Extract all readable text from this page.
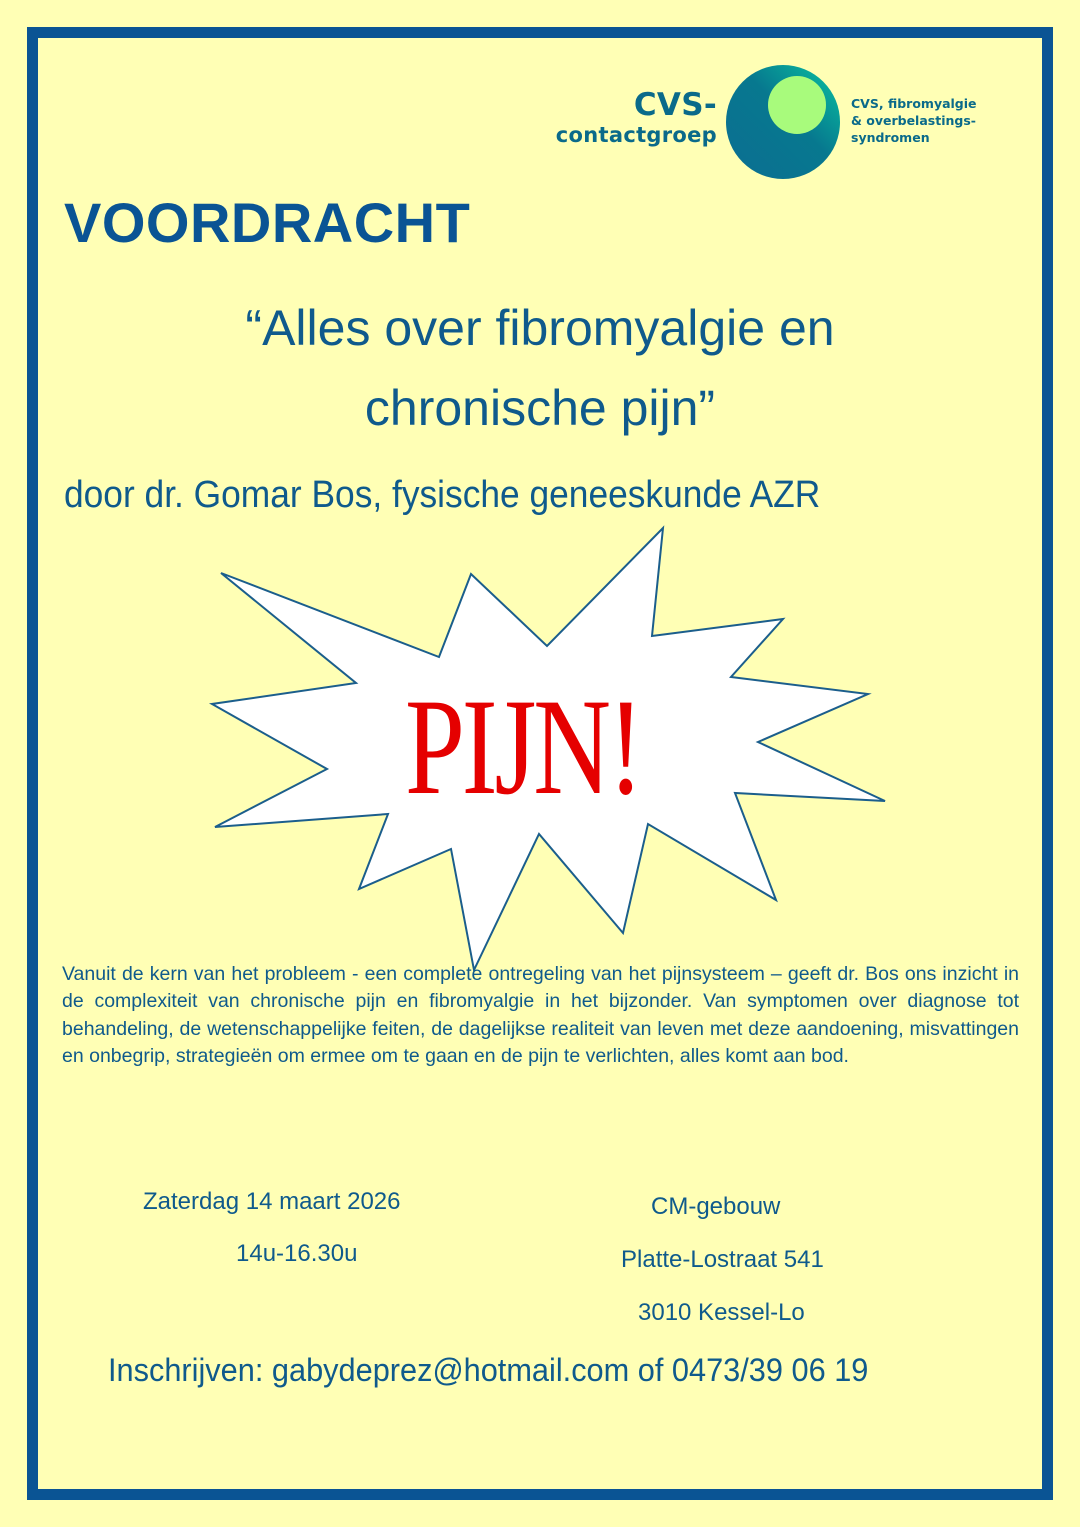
CVS-
contactgroep
CVS, fibromyalgie
& overbelastings-
syndromen
VOORDRACHT
“Alles over fibromyalgie en
chronische pijn”
door dr. Gomar Bos, fysische geneeskunde AZR
PIJN!
Vanuit de kern van het probleem - een complete ontregeling van het pijnsysteem – geeft dr. Bos ons inzicht in de complexiteit van chronische pijn en fibromyalgie in het bijzonder. Van symptomen over diagnose tot behandeling, de wetenschappelijke feiten, de dagelijkse realiteit van leven met deze aandoening, misvattingen en onbegrip, strategieën om ermee om te gaan en de pijn te verlichten, alles komt aan bod.
Zaterdag 14 maart 2026
14u-16.30u
CM-gebouw
Platte-Lostraat 541
3010 Kessel-Lo
Inschrijven: gabydeprez@hotmail.com of 0473/39 06 19
